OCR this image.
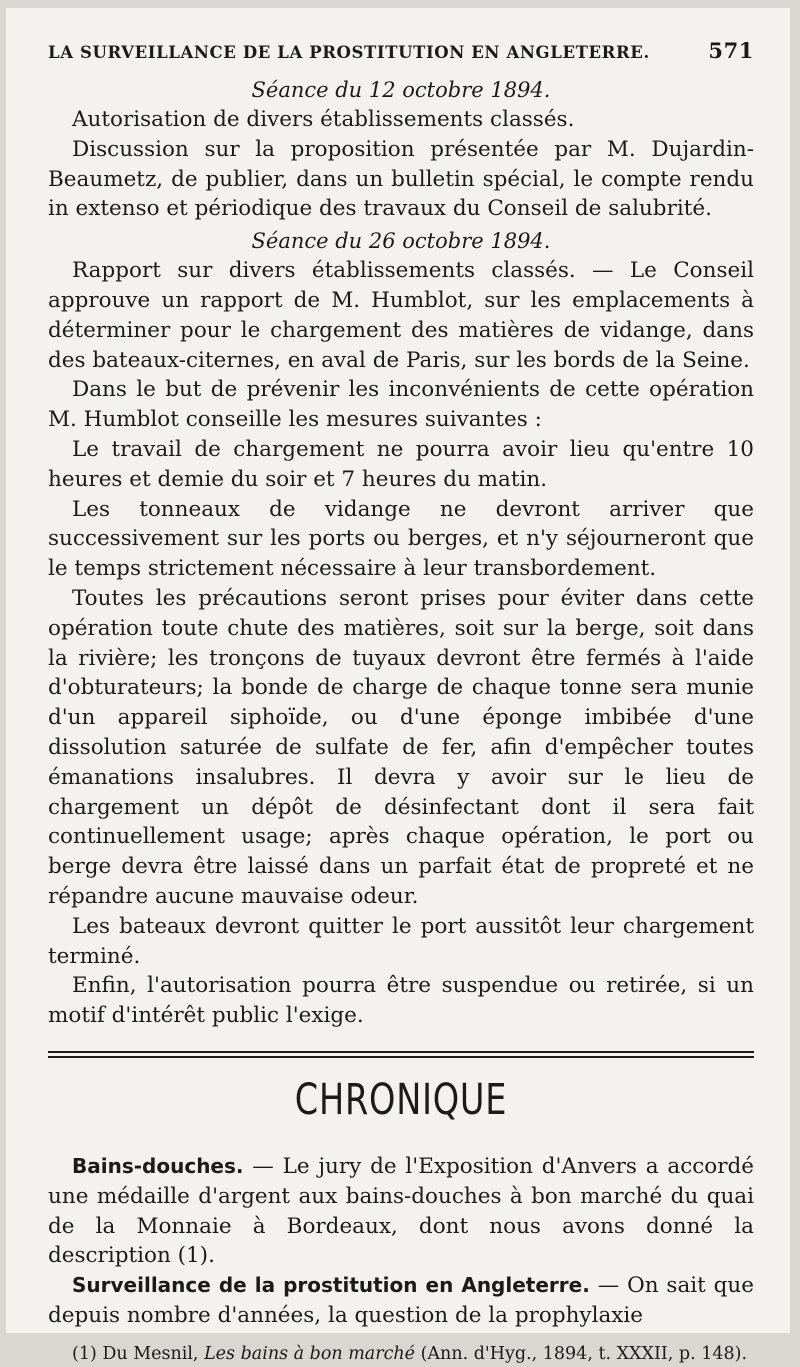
LA SURVEILLANCE DE LA PROSTITUTION EN ANGLETERRE.	571
Séance du 12 octobre 1894.

Autorisation de divers établissements classés.

Discussion sur la proposition présentée par M. Dujardin-Beaumetz, de publier, dans un bulletin spécial, le compte rendu in extenso et périodique des travaux du Conseil de salubrité.

Séance du 26 octobre 1894.

Rapport sur divers établissements classés. — Le Conseil approuve un rapport de M. Humblot, sur les emplacements à déterminer pour le chargement des matières de vidange, dans des bateaux-citernes, en aval de Paris, sur les bords de la Seine.

Dans le but de prévenir les inconvénients de cette opération M. Humblot conseille les mesures suivantes :

Le travail de chargement ne pourra avoir lieu qu'entre 10 heures et demie du soir et 7 heures du matin.

Les tonneaux de vidange ne devront arriver que successivement sur les ports ou berges, et n'y séjourneront que le temps strictement nécessaire à leur transbordement.

Toutes les précautions seront prises pour éviter dans cette opération toute chute des matières, soit sur la berge, soit dans la rivière; les tronçons de tuyaux devront être fermés à l'aide d'obturateurs; la bonde de charge de chaque tonne sera munie d'un appareil siphoïde, ou d'une éponge imbibée d'une dissolution saturée de sulfate de fer, afin d'empêcher toutes émanations insalubres. Il devra y avoir sur le lieu de chargement un dépôt de désinfectant dont il sera fait continuellement usage; après chaque opération, le port ou berge devra être laissé dans un parfait état de propreté et ne répandre aucune mauvaise odeur.

Les bateaux devront quitter le port aussitôt leur chargement terminé.

Enfin, l'autorisation pourra être suspendue ou retirée, si un motif d'intérêt public l'exige.

CHRONIQUE

Bains-douches. — Le jury de l'Exposition d'Anvers a accordé une médaille d'argent aux bains-douches à bon marché du quai de la Monnaie à Bordeaux, dont nous avons donné la description (1).

Surveillance de la prostitution en Angleterre. — On sait que depuis nombre d'années, la question de la prophylaxie

(1) Du Mesnil, Les bains à bon marché (Ann. d'Hyg., 1894, t. XXXII, p. 148).
